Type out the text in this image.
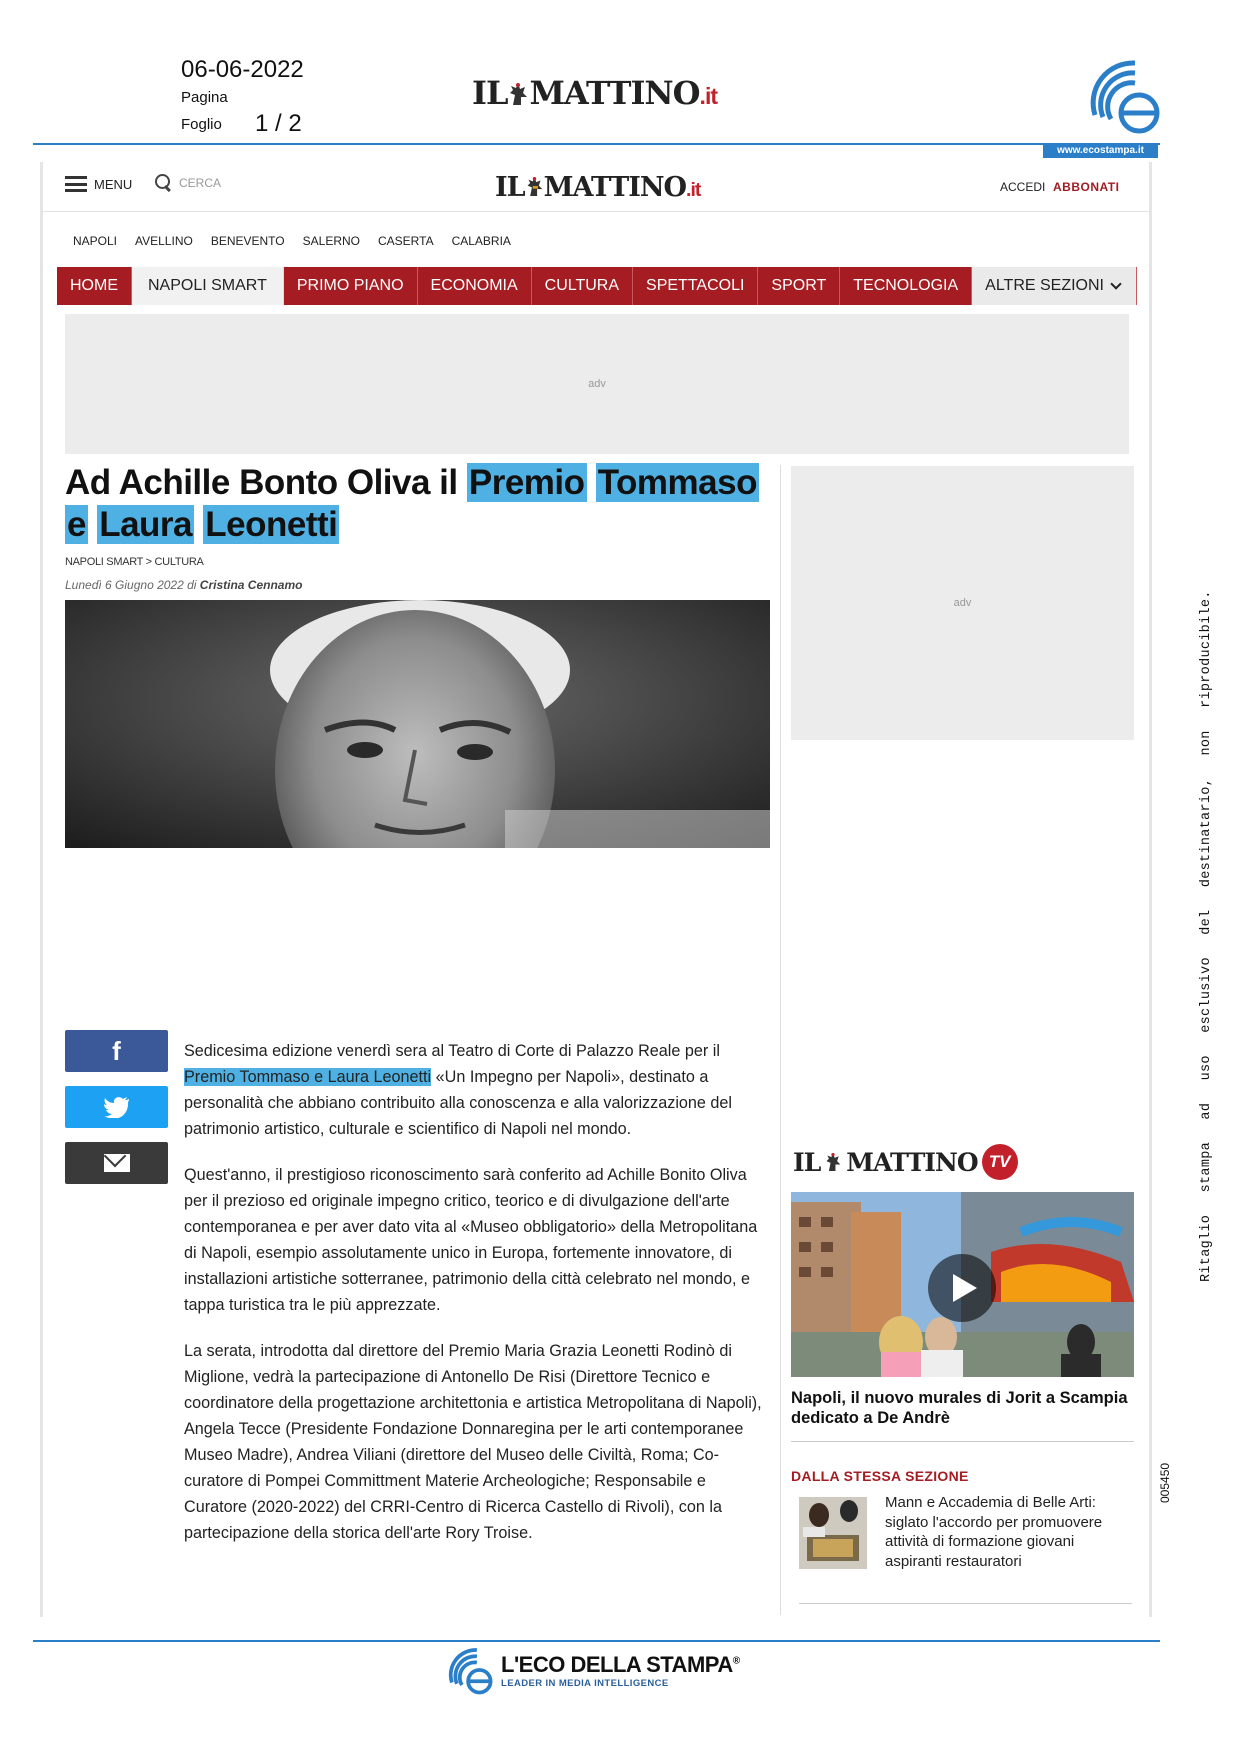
06-06-2022
Pagina
Foglio 1 / 2
IL MATTINO.it
www.ecostampa.it
MENU	CERCA	IL MATTINO.it	ACCEDI ABBONATI
NAPOLI AVELLINO BENEVENTO SALERNO CASERTA CALABRIA
HOME	NAPOLI SMART	PRIMO PIANO	ECONOMIA	CULTURA	SPETTACOLI	SPORT	TECNOLOGIA	ALTRE SEZIONI
adv
Ad Achille Bonto Oliva il Premio Tommaso e Laura Leonetti
NAPOLI SMART > CULTURA
Lunedì 6 Giugno 2022 di Cristina Cennamo
f	Sedicesima edizione venerdì sera al Teatro di Corte di Palazzo Reale per il Premio Tommaso e Laura Leonetti «Un Impegno per Napoli», destinato a personalità che abbiano contribuito alla conoscenza e alla valorizzazione del patrimonio artistico, culturale e scientifico di Napoli nel mondo.

Quest'anno, il prestigioso riconoscimento sarà conferito ad Achille Bonito Oliva per il prezioso ed originale impegno critico, teorico e di divulgazione dell'arte contemporanea e per aver dato vita al «Museo obbligatorio» della Metropolitana di Napoli, esempio assolutamente unico in Europa, fortemente innovatore, di installazioni artistiche sotterranee, patrimonio della città celebrato nel mondo, e tappa turistica tra le più apprezzate.

La serata, introdotta dal direttore del Premio Maria Grazia Leonetti Rodinò di Miglione, vedrà la partecipazione di Antonello De Risi (Direttore Tecnico e coordinatore della progettazione architettonia e artistica Metropolitana di Napoli), Angela Tecce (Presidente Fondazione Donnaregina per le arti contemporanee Museo Madre), Andrea Viliani (direttore del Museo delle Civiltà, Roma; Co-curatore di Pompei Committment Materie Archeologiche; Responsabile e Curatore (2020-2022) del CRRI-Centro di Ricerca Castello di Rivoli), con la partecipazione della storica dell'arte Rory Troise.

adv
IL MATTINO TV
Napoli, il nuovo murales di Jorit a Scampia dedicato a De Andrè
DALLA STESSA SEZIONE
Mann e Accademia di Belle Arti: siglato l'accordo per promuovere attività di formazione giovani aspiranti restauratori
Ritaglio stampa ad uso esclusivo del destinatario, non riproducibile.
005450
L'ECO DELLA STAMPA®
LEADER IN MEDIA INTELLIGENCE
